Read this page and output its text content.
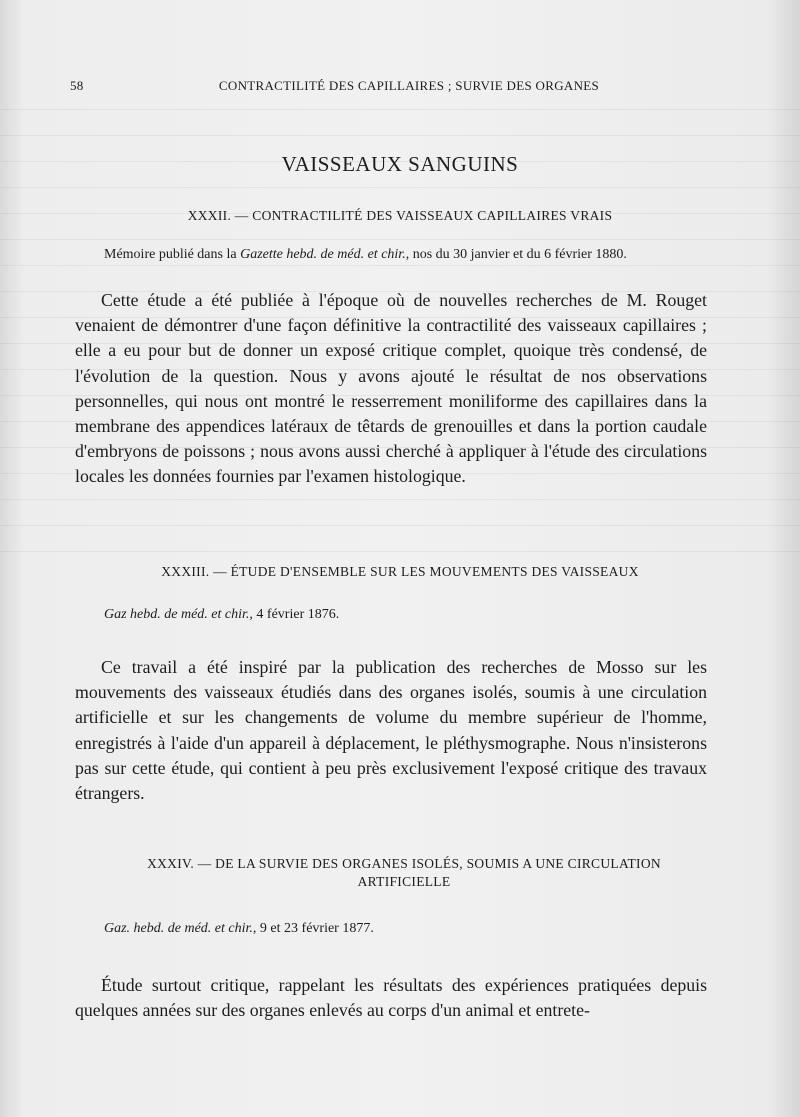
58	CONTRACTILITÉ DES CAPILLAIRES ; SURVIE DES ORGANES
VAISSEAUX SANGUINS
XXXII. — CONTRACTILITÉ DES VAISSEAUX CAPILLAIRES VRAIS
Mémoire publié dans la Gazette hebd. de méd. et chir., nos du 30 janvier et du 6 février 1880.

Cette étude a été publiée à l'époque où de nouvelles recherches de M. Rouget venaient de démontrer d'une façon définitive la contractilité des vaisseaux capillaires ; elle a eu pour but de donner un exposé critique complet, quoique très condensé, de l'évolution de la question. Nous y avons ajouté le résultat de nos observations personnelles, qui nous ont montré le resserrement moniliforme des capillaires dans la membrane des appendices latéraux de têtards de grenouilles et dans la portion caudale d'embryons de poissons ; nous avons aussi cherché à appliquer à l'étude des circulations locales les données fournies par l'examen histologique.

XXXIII. — ÉTUDE D'ENSEMBLE SUR LES MOUVEMENTS DES VAISSEAUX
Gaz hebd. de méd. et chir., 4 février 1876.

Ce travail a été inspiré par la publication des recherches de Mosso sur les mouvements des vaisseaux étudiés dans des organes isolés, soumis à une circulation artificielle et sur les changements de volume du membre supérieur de l'homme, enregistrés à l'aide d'un appareil à déplacement, le pléthysmographe. Nous n'insisterons pas sur cette étude, qui contient à peu près exclusivement l'exposé critique des travaux étrangers.

XXXIV. — DE LA SURVIE DES ORGANES ISOLÉS, SOUMIS A UNE CIRCULATION ARTIFICIELLE
Gaz. hebd. de méd. et chir., 9 et 23 février 1877.

Étude surtout critique, rappelant les résultats des expériences pratiquées depuis quelques années sur des organes enlevés au corps d'un animal et entrete-
